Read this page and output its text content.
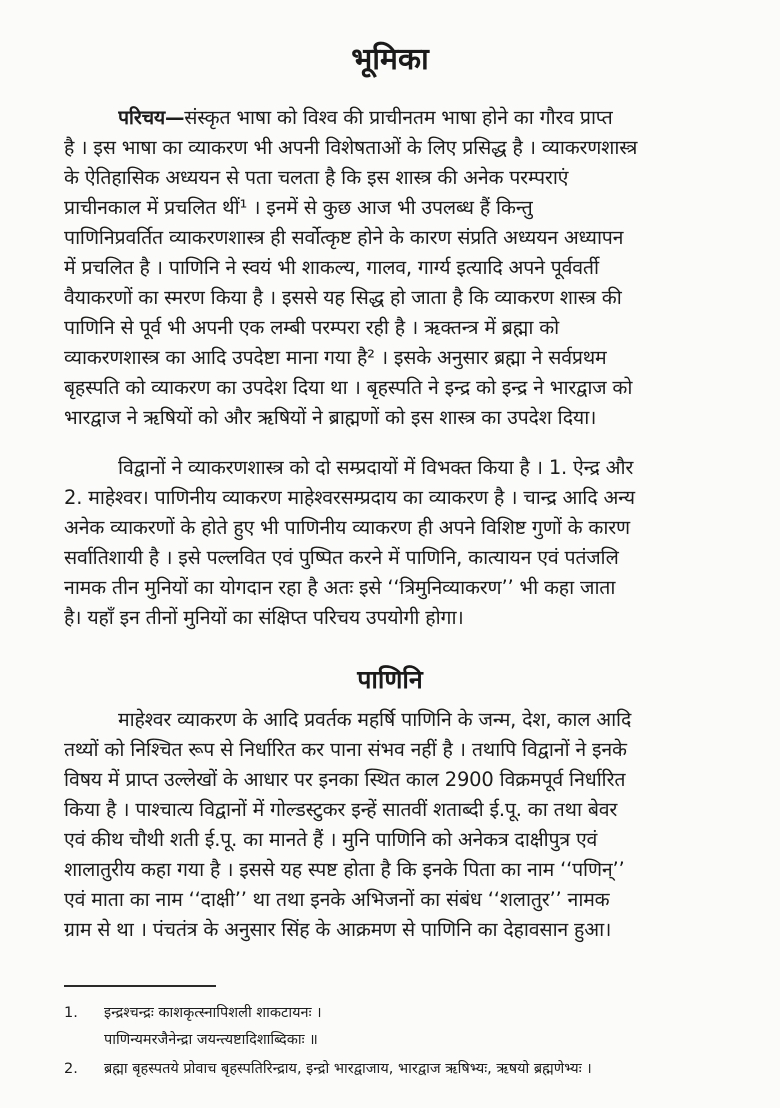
भूमिका
परिचय—संस्कृत भाषा को विश्व की प्राचीनतम भाषा होने का गौरव प्राप्त
है । इस भाषा का व्याकरण भी अपनी विशेषताओं के लिए प्रसिद्ध है । व्याकरणशास्त्र
के ऐतिहासिक अध्ययन से पता चलता है कि इस शास्त्र की अनेक परम्पराएं
प्राचीनकाल में प्रचलित थीं¹ । इनमें से कुछ आज भी उपलब्ध हैं किन्तु
पाणिनिप्रवर्तित व्याकरणशास्त्र ही सर्वोत्कृष्ट होने के कारण संप्रति अध्ययन अध्यापन
में प्रचलित है । पाणिनि ने स्वयं भी शाकल्य, गालव, गार्ग्य इत्यादि अपने पूर्ववर्ती
वैयाकरणों का स्मरण किया है । इससे यह सिद्ध हो जाता है कि व्याकरण शास्त्र की
पाणिनि से पूर्व भी अपनी एक लम्बी परम्परा रही है । ऋक्तन्त्र में ब्रह्मा को
व्याकरणशास्त्र का आदि उपदेष्टा माना गया है² । इसके अनुसार ब्रह्मा ने सर्वप्रथम
बृहस्पति को व्याकरण का उपदेश दिया था । बृहस्पति ने इन्द्र को इन्द्र ने भारद्वाज को
भारद्वाज ने ऋषियों को और ऋषियों ने ब्राह्मणों को इस शास्त्र का उपदेश दिया।
विद्वानों ने व्याकरणशास्त्र को दो सम्प्रदायों में विभक्त किया है । 1. ऐन्द्र और
2. माहेश्वर। पाणिनीय व्याकरण माहेश्वरसम्प्रदाय का व्याकरण है । चान्द्र आदि अन्य
अनेक व्याकरणों के होते हुए भी पाणिनीय व्याकरण ही अपने विशिष्ट गुणों के कारण
सर्वातिशायी है । इसे पल्लवित एवं पुष्पित करने में पाणिनि, कात्यायन एवं पतंजलि
नामक तीन मुनियों का योगदान रहा है अतः इसे ‘‘त्रिमुनिव्याकरण’’ भी कहा जाता
है। यहाँ इन तीनों मुनियों का संक्षिप्त परिचय उपयोगी होगा।
पाणिनि
माहेश्वर व्याकरण के आदि प्रवर्तक महर्षि पाणिनि के जन्म, देश, काल आदि
तथ्यों को निश्चित रूप से निर्धारित कर पाना संभव नहीं है । तथापि विद्वानों ने इनके
विषय में प्राप्त उल्लेखों के आधार पर इनका स्थित काल 2900 विक्रमपूर्व निर्धारित
किया है । पाश्चात्य विद्वानों में गोल्डस्टुकर इन्हें सातवीं शताब्दी ई.पू. का तथा बेवर
एवं कीथ चौथी शती ई.पू. का मानते हैं । मुनि पाणिनि को अनेकत्र दाक्षीपुत्र एवं
शालातुरीय कहा गया है । इससे यह स्पष्ट होता है कि इनके पिता का नाम ‘‘पणिन्’’
एवं माता का नाम ‘‘दाक्षी’’ था तथा इनके अभिजनों का संबंध ‘‘शलातुर’’ नामक
ग्राम से था । पंचतंत्र के अनुसार सिंह के आक्रमण से पाणिनि का देहावसान हुआ।
1. इन्द्रश्चन्द्रः काशकृत्स्नापिशली शाकटायनः ।
पाणिन्यमरजैनेन्द्रा जयन्त्यष्टादिशाब्दिकाः ॥
2. ब्रह्मा बृहस्पतये प्रोवाच बृहस्पतिरिन्द्राय, इन्द्रो भारद्वाजाय, भारद्वाज ऋषिभ्यः, ऋषयो ब्रह्मणेभ्यः ।
